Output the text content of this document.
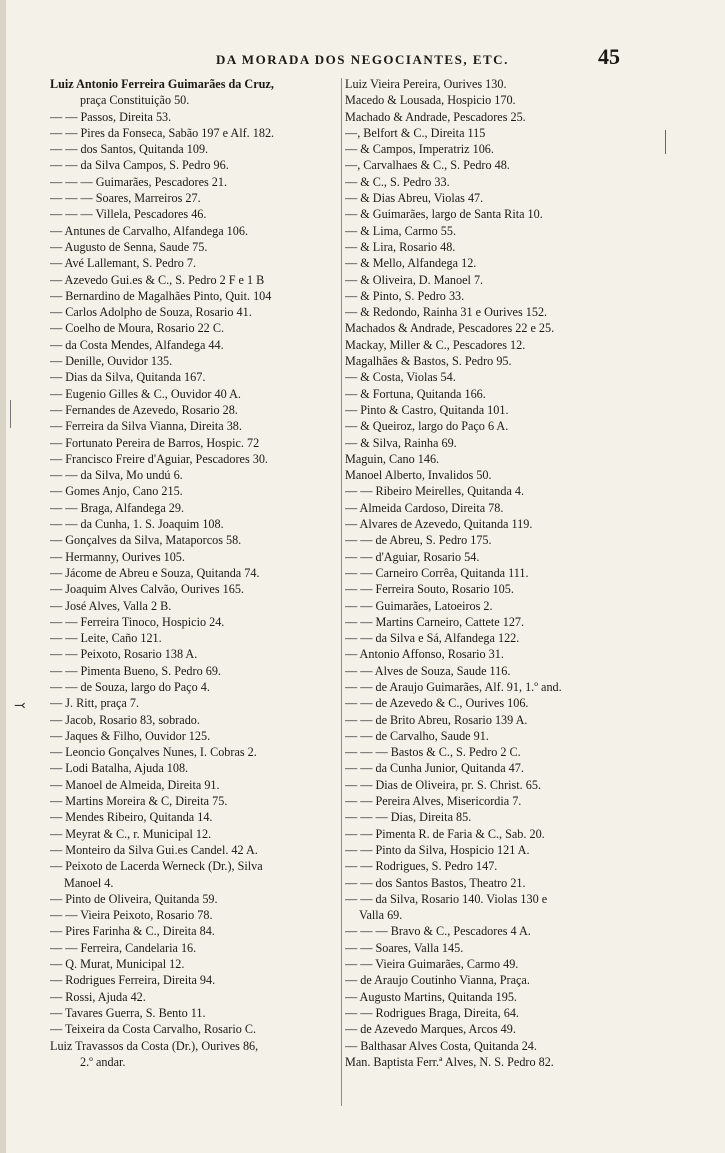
DA MORADA DOS NEGOCIANTES, ETC.	45
⤙
Luiz Antonio Ferreira Guimarães da Cruz,
praça Constituição 50.
— — Passos, Direita 53.
— — Pires da Fonseca, Sabão 197 e Alf. 182.
— — dos Santos, Quitanda 109.
— — da Silva Campos, S. Pedro 96.
— — — Guimarães, Pescadores 21.
— — — Soares, Marreiros 27.
— — — Villela, Pescadores 46.
— Antunes de Carvalho, Alfandega 106.
— Augusto de Senna, Saude 75.
— Avé Lallemant, S. Pedro 7.
— Azevedo Gui.es & C., S. Pedro 2 F e 1 B
— Bernardino de Magalhães Pinto, Quit. 104
— Carlos Adolpho de Souza, Rosario 41.
— Coelho de Moura, Rosario 22 C.
— da Costa Mendes, Alfandega 44.
— Denille, Ouvidor 135.
— Dias da Silva, Quitanda 167.
— Eugenio Gilles & C., Ouvidor 40 A.
— Fernandes de Azevedo, Rosario 28.
— Ferreira da Silva Vianna, Direita 38.
— Fortunato Pereira de Barros, Hospic. 72
— Francisco Freire d'Aguiar, Pescadores 30.
— — da Silva, Mo undú 6.
— Gomes Anjo, Cano 215.
— — Braga, Alfandega 29.
— — da Cunha, 1. S. Joaquim 108.
— Gonçalves da Silva, Mataporcos 58.
— Hermanny, Ourives 105.
— Jácome de Abreu e Souza, Quitanda 74.
— Joaquim Alves Calvão, Ourives 165.
— José Alves, Valla 2 B.
— — Ferreira Tinoco, Hospicio 24.
— — Leite, Caño 121.
— — Peixoto, Rosario 138 A.
— — Pimenta Bueno, S. Pedro 69.
— — de Souza, largo do Paço 4.
— J. Ritt, praça 7.
— Jacob, Rosario 83, sobrado.
— Jaques & Filho, Ouvidor 125.
— Leoncio Gonçalves Nunes, I. Cobras 2.
— Lodi Batalha, Ajuda 108.
— Manoel de Almeida, Direita 91.
— Martins Moreira & C, Direita 75.
— Mendes Ribeiro, Quitanda 14.
— Meyrat & C., r. Municipal 12.
— Monteiro da Silva Gui.es Candel. 42 A.
— Peixoto de Lacerda Werneck (Dr.), Silva
Manoel 4.
— Pinto de Oliveira, Quitanda 59.
— — Vieira Peixoto, Rosario 78.
— Pires Farinha & C., Direita 84.
— — Ferreira, Candelaria 16.
— Q. Murat, Municipal 12.
— Rodrigues Ferreira, Direita 94.
— Rossi, Ajuda 42.
— Tavares Guerra, S. Bento 11.
— Teixeira da Costa Carvalho, Rosario C.
Luiz Travassos da Costa (Dr.), Ourives 86,
2.º andar.
Luiz Vieira Pereira, Ourives 130.
Macedo & Lousada, Hospicio 170.
Machado & Andrade, Pescadores 25.
—, Belfort & C., Direita 115
— & Campos, Imperatriz 106.
—, Carvalhaes & C., S. Pedro 48.
— & C., S. Pedro 33.
— & Dias Abreu, Violas 47.
— & Guimarães, largo de Santa Rita 10.
— & Lima, Carmo 55.
— & Lira, Rosario 48.
— & Mello, Alfandega 12.
— & Oliveira, D. Manoel 7.
— & Pinto, S. Pedro 33.
— & Redondo, Rainha 31 e Ourives 152.
Machados & Andrade, Pescadores 22 e 25.
Mackay, Miller & C., Pescadores 12.
Magalhães & Bastos, S. Pedro 95.
— & Costa, Violas 54.
— & Fortuna, Quitanda 166.
— Pinto & Castro, Quitanda 101.
— & Queiroz, largo do Paço 6 A.
— & Silva, Rainha 69.
Maguin, Cano 146.
Manoel Alberto, Invalidos 50.
— — Ribeiro Meirelles, Quitanda 4.
— Almeida Cardoso, Direita 78.
— Alvares de Azevedo, Quitanda 119.
— — de Abreu, S. Pedro 175.
— — d'Aguiar, Rosario 54.
— — Carneiro Corrêa, Quitanda 111.
— — Ferreira Souto, Rosario 105.
— — Guimarães, Latoeiros 2.
— — Martins Carneiro, Cattete 127.
— — da Silva e Sá, Alfandega 122.
— Antonio Affonso, Rosario 31.
— — Alves de Souza, Saude 116.
— — de Araujo Guimarães, Alf. 91, 1.º and.
— — de Azevedo & C., Ourives 106.
— — de Brito Abreu, Rosario 139 A.
— — de Carvalho, Saude 91.
— — — Bastos & C., S. Pedro 2 C.
— — da Cunha Junior, Quitanda 47.
— — Dias de Oliveira, pr. S. Christ. 65.
— — Pereira Alves, Misericordia 7.
— — — Dias, Direita 85.
— — Pimenta R. de Faria & C., Sab. 20.
— — Pinto da Silva, Hospicio 121 A.
— — Rodrigues, S. Pedro 147.
— — dos Santos Bastos, Theatro 21.
— — da Silva, Rosario 140. Violas 130 e
Valla 69.
— — — Bravo & C., Pescadores 4 A.
— — Soares, Valla 145.
— — Vieira Guimarães, Carmo 49.
— de Araujo Coutinho Vianna, Praça.
— Augusto Martins, Quitanda 195.
— — Rodrigues Braga, Direita, 64.
— de Azevedo Marques, Arcos 49.
— Balthasar Alves Costa, Quitanda 24.
Man. Baptista Ferr.ª Alves, N. S. Pedro 82.
